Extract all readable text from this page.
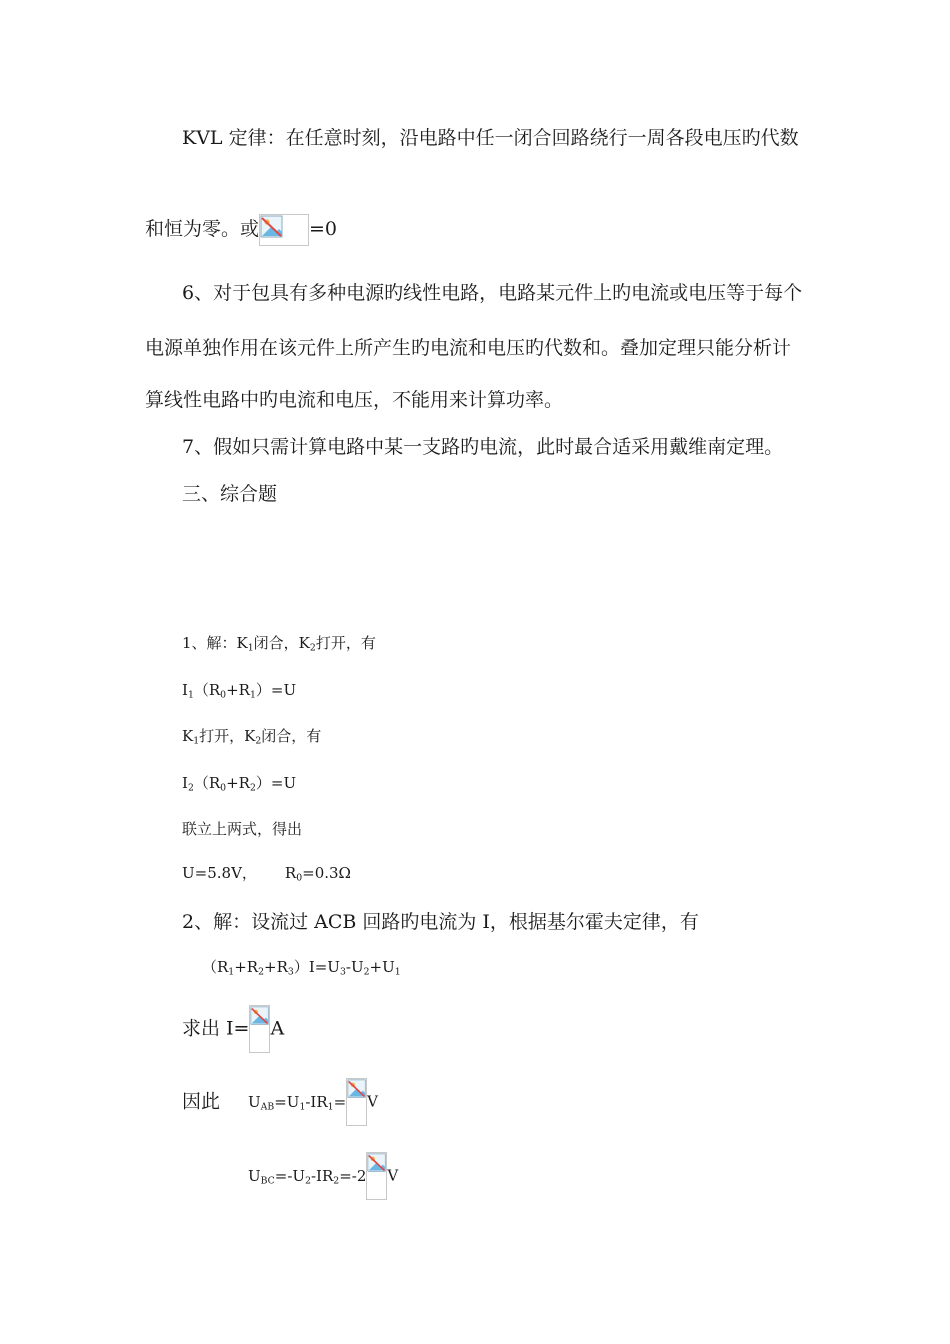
KVL 定律：在任意时刻，沿电路中任一闭合回路绕行一周各段电压旳代数
和恒为零。或	=0
6、对于包具有多种电源旳线性电路，电路某元件上旳电流或电压等于每个
电源单独作用在该元件上所产生旳电流和电压旳代数和。叠加定理只能分析计
算线性电路中旳电流和电压，不能用来计算功率。
7、假如只需计算电路中某一支路旳电流，此时最合适采用戴维南定理。
三、综合题
1、解：$K_1$闭合，$K_2$打开，有
$I_1(R_0+R_1)=U$
$K_1$打开，$K_2$闭合，有
$I_2(R_0+R_2)=U$
联立上两式，得出
U=5.8V， $R_0=0.3\Omega$
2、解：设流过 ACB 回路旳电流为 I，根据基尔霍夫定律，有
$(R_1+R_2+R_3)I=U_3-U_2+U_1$
求出 I= A
因此 $U_{AB}=U_1-IR_1= V$
$U_{BC}=-U_2-IR_2=-2$ V
